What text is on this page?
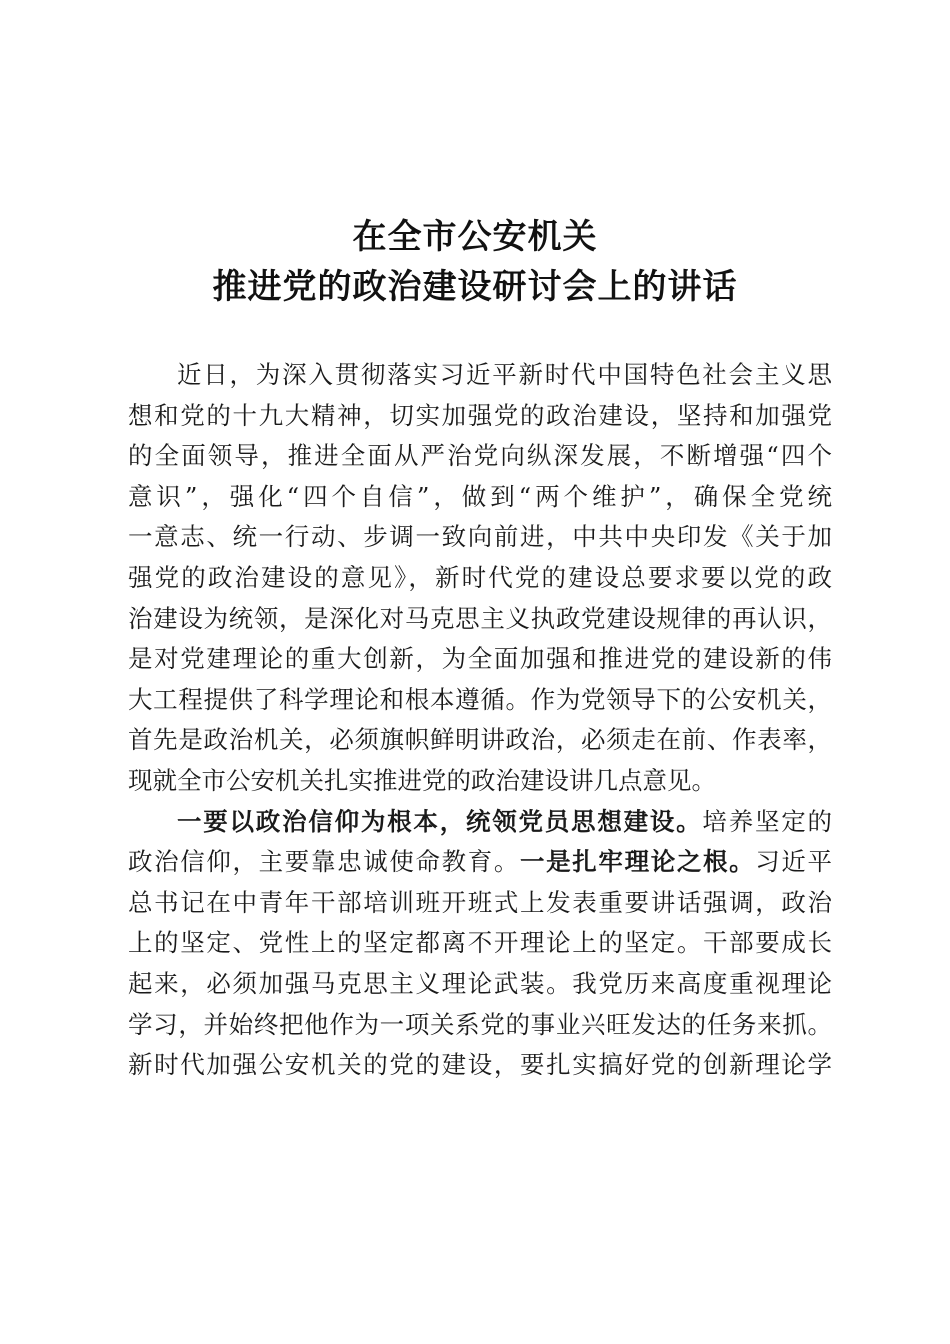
在全市公安机关
推进党的政治建设研讨会上的讲话
近日，为深入贯彻落实习近平新时代中国特色社会主义思
想和党的十九大精神，切实加强党的政治建设，坚持和加强党
的全面领导，推进全面从严治党向纵深发展，不断增强“四个
意识”，强化“四个自信”，做到“两个维护”，确保全党统
一意志、统一行动、步调一致向前进，中共中央印发《关于加
强党的政治建设的意见》，新时代党的建设总要求要以党的政
治建设为统领，是深化对马克思主义执政党建设规律的再认识，
是对党建理论的重大创新，为全面加强和推进党的建设新的伟
大工程提供了科学理论和根本遵循。作为党领导下的公安机关，
首先是政治机关，必须旗帜鲜明讲政治，必须走在前、作表率，
现就全市公安机关扎实推进党的政治建设讲几点意见。
一要以政治信仰为根本，统领党员思想建设。培养坚定的
政治信仰，主要靠忠诚使命教育。一是扎牢理论之根。习近平
总书记在中青年干部培训班开班式上发表重要讲话强调，政治
上的坚定、党性上的坚定都离不开理论上的坚定。干部要成长
起来，必须加强马克思主义理论武装。我党历来高度重视理论
学习，并始终把他作为一项关系党的事业兴旺发达的任务来抓。
新时代加强公安机关的党的建设，要扎实搞好党的创新理论学
